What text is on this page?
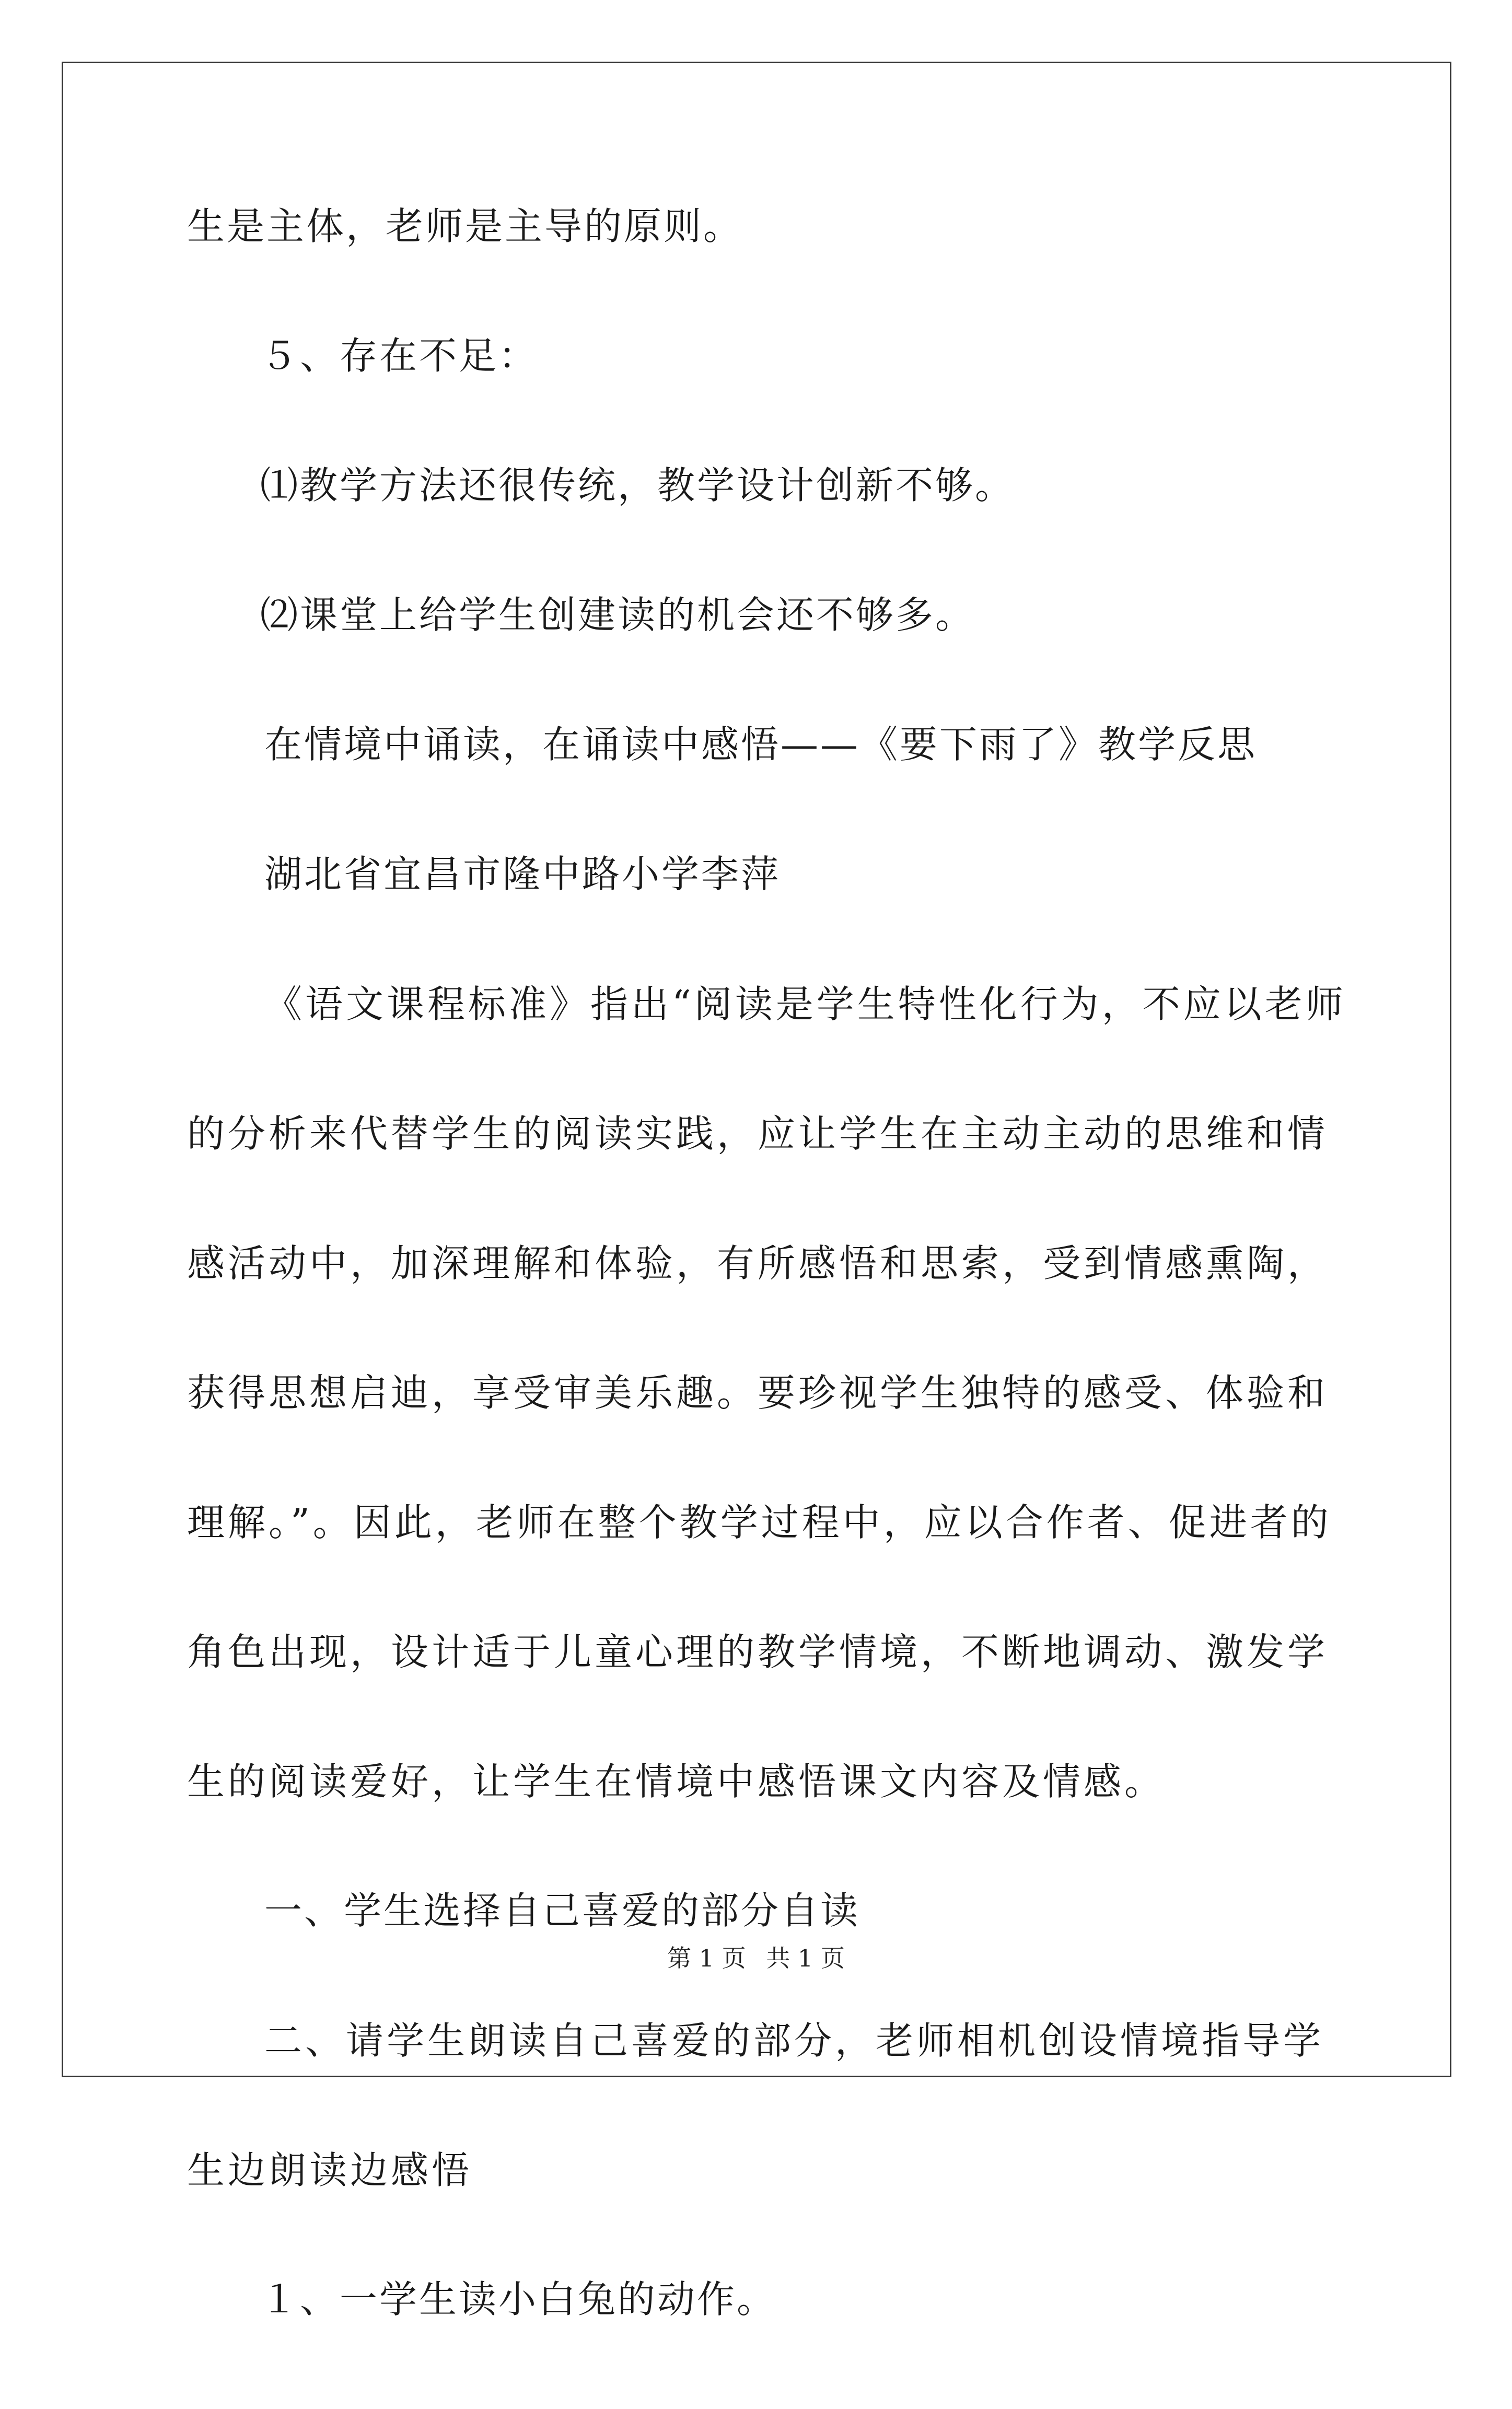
生是主体，老师是主导的原则。

５、存在不足：

⑴教学方法还很传统，教学设计创新不够。

⑵课堂上给学生创建读的机会还不够多。

在情境中诵读，在诵读中感悟——《要下雨了》教学反思

湖北省宜昌市隆中路小学李萍

《语文课程标准》指出“阅读是学生特性化行为，不应以老师的分析来代替学生的阅读实践，应让学生在主动主动的思维和情感活动中，加深理解和体验，有所感悟和思索，受到情感熏陶，获得思想启迪，享受审美乐趣。要珍视学生独特的感受、体验和理解。”。因此，老师在整个教学过程中，应以合作者、促进者的角色出现，设计适于儿童心理的教学情境，不断地调动、激发学生的阅读爱好，让学生在情境中感悟课文内容及情感。

一、学生选择自己喜爱的部分自读

二、请学生朗读自己喜爱的部分，老师相机创设情境指导学生边朗读边感悟

１、一学生读小白兔的动作。

第 1 页 共 1 页
